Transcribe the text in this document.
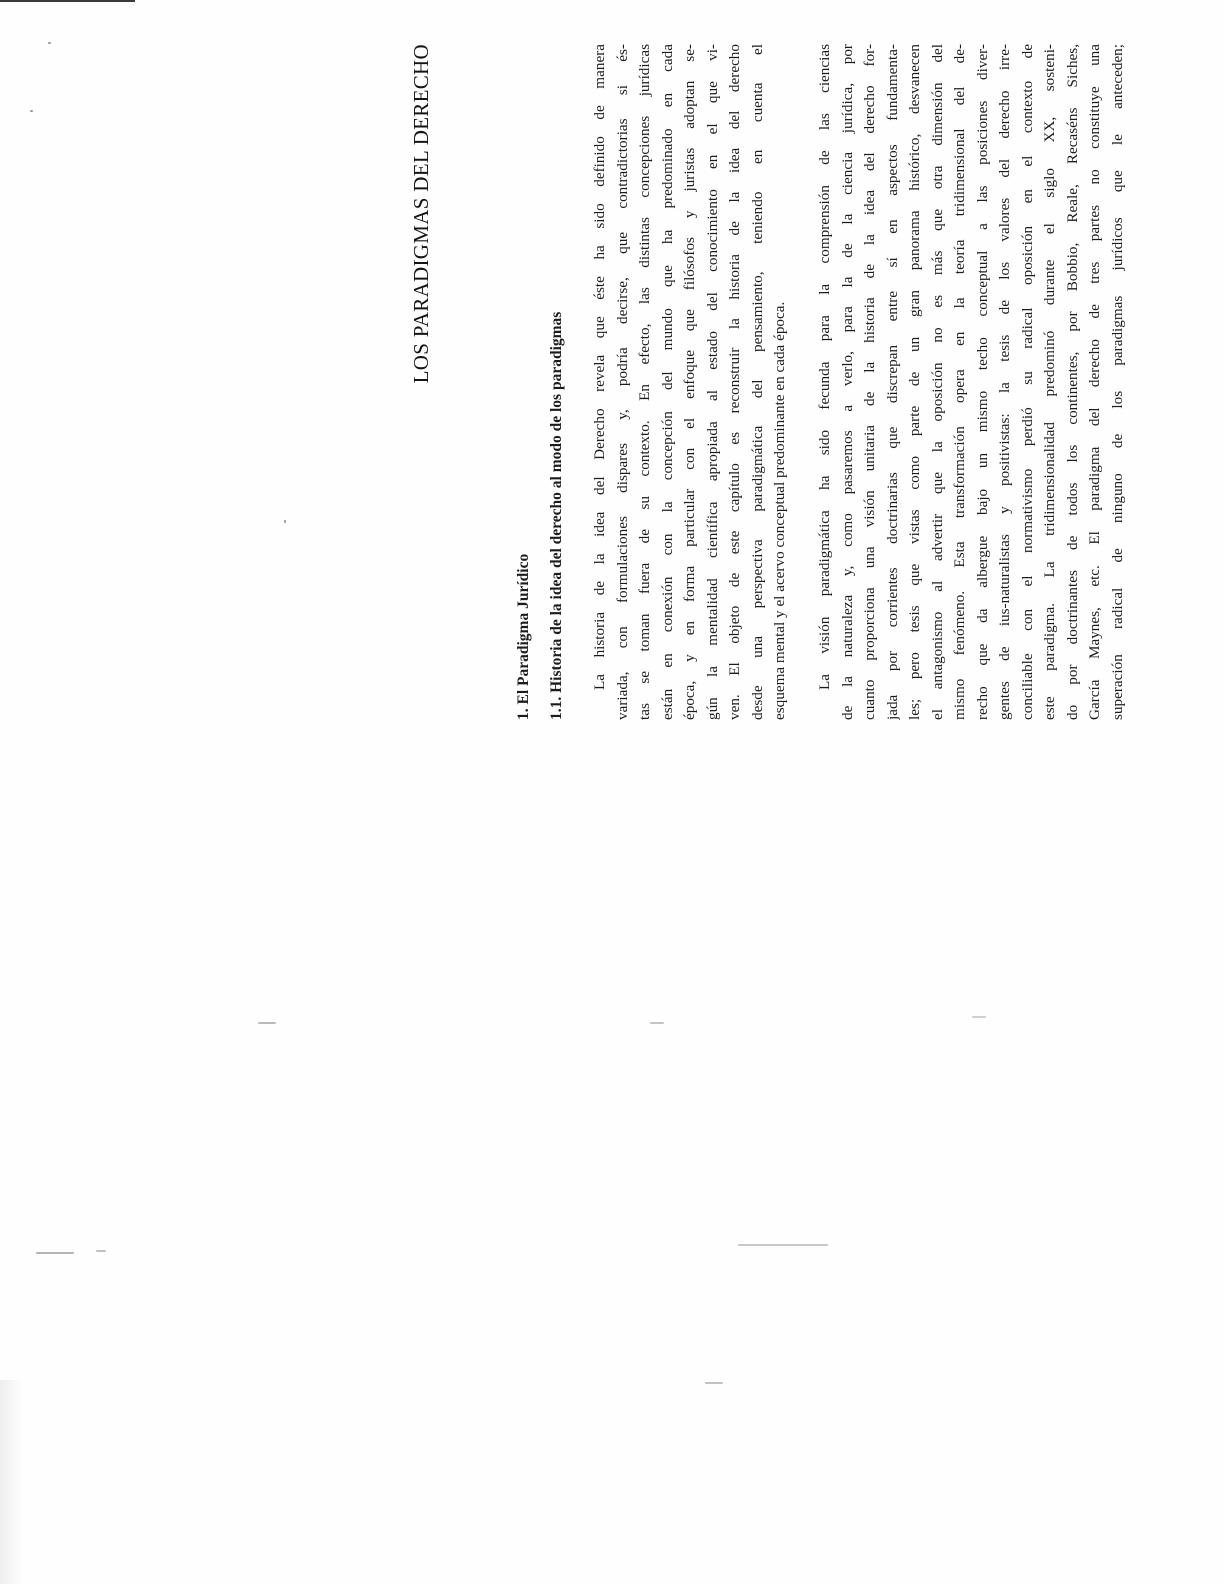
LOS PARADIGMAS DEL DERECHO
1. El Paradigma Jurídico 1.1. Historia de la idea del derecho al modo de los paradigmas La historia de la idea del Derecho revela que éste ha sido definido de manera variada, con formulaciones dispares y, podría decirse, que contradictorias si és- tas se toman fuera de su contexto. En efecto, las distintas concepciones jurídicas están en conexión con la concepción del mundo que ha predominado en cada época, y en forma particular con el enfoque que filósofos y juristas adoptan se- gún la mentalidad científica apropiada al estado del conocimiento en el que vi- ven. El objeto de este capítulo es reconstruir la historia de la idea del derecho desde una perspectiva paradigmática del pensamiento, teniendo en cuenta el esquema mental y el acervo conceptual predominante en cada época. La visión paradigmática ha sido fecunda para la comprensión de las ciencias de la naturaleza y, como pasaremos a verlo, para la de la ciencia jurídica, por cuanto proporciona una visión unitaria de la historia de la idea del derecho for- jada por corrientes doctrinarias que discrepan entre sí en aspectos fundamenta- les; pero tesis que vistas como parte de un gran panorama histórico, desvanecen el antagonismo al advertir que la oposición no es más que otra dimensión del mismo fenómeno. Esta transformación opera en la teoría tridimensional del de- recho que da albergue bajo un mismo techo conceptual a las posiciones diver- gentes de ius-naturalistas y positivistas: la tesis de los valores del derecho irre- conciliable con el normativismo perdió su radical oposición en el contexto de este paradigma. La tridimensionalidad predominó durante el siglo XX, sosteni- do por doctrinantes de todos los continentes, por Bobbio, Reale, Recaséns Siches, García Maynes, etc. El paradigma del derecho de tres partes no constituye una superación radical de ninguno de los paradigmas jurídicos que le anteceden;
